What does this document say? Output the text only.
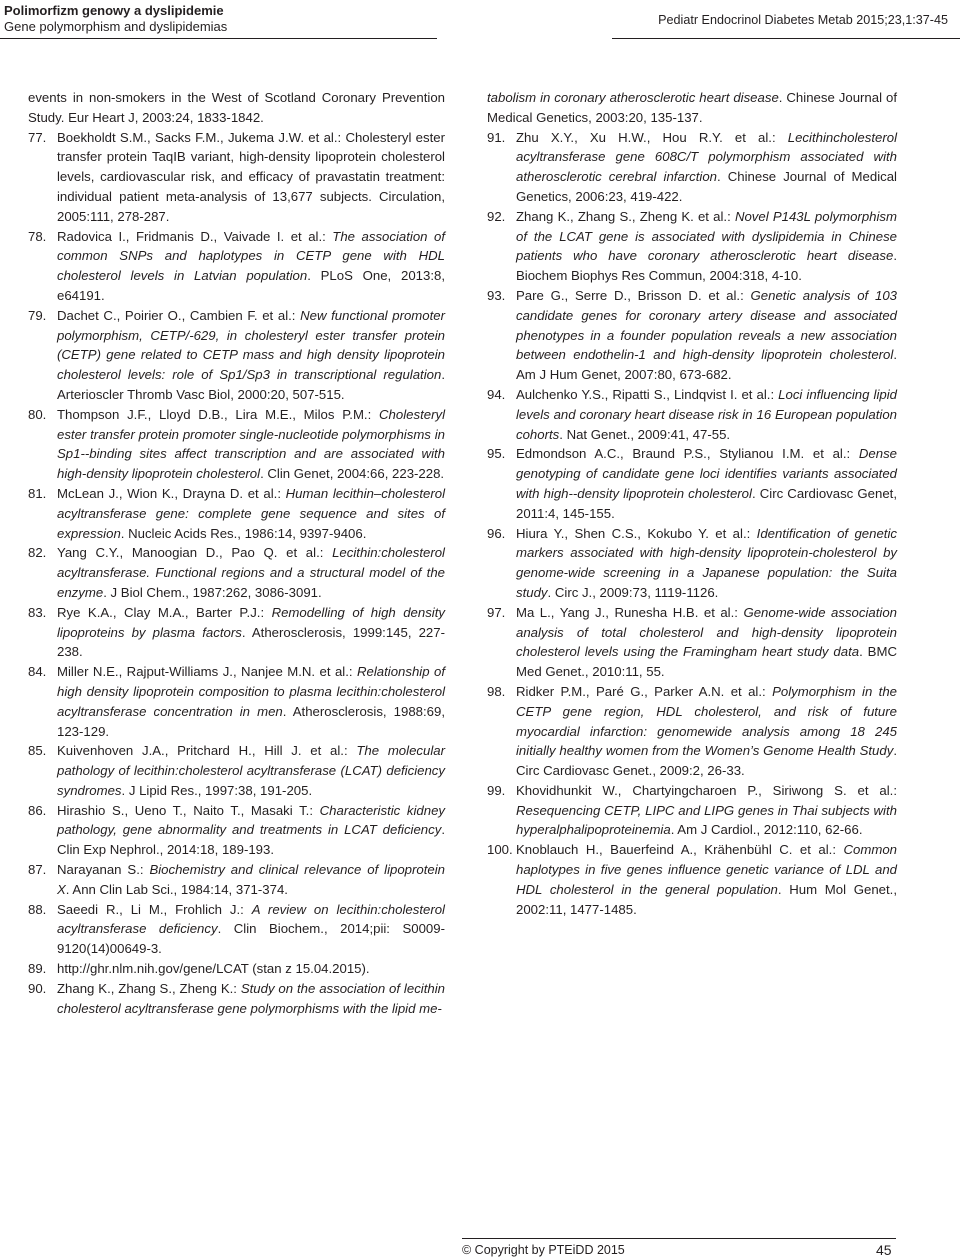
Polimorfizm genowy a dyslipidemie
Gene polymorphism and dyslipidemias	Pediatr Endocrinol Diabetes Metab 2015;23,1:37-45

events in non-smokers in the West of Scotland Coronary Prevention Study. Eur Heart J, 2003:24, 1833-1842.

77. Boekholdt S.M., Sacks F.M., Jukema J.W. et al.: Cholesteryl ester transfer protein TaqIB variant, high-density lipoprotein cholesterol levels, cardiovascular risk, and efficacy of pravastatin treatment: individual patient meta-analysis of 13,677 subjects. Circulation, 2005:111, 278-287.

78. Radovica I., Fridmanis D., Vaivade I. et al.: The association of common SNPs and haplotypes in CETP gene with HDL cholesterol levels in Latvian population. PLoS One, 2013:8, e64191.

79. Dachet C., Poirier O., Cambien F. et al.: New functional promoter polymorphism, CETP/-629, in cholesteryl ester transfer protein (CETP) gene related to CETP mass and high density lipoprotein cholesterol levels: role of Sp1/Sp3 in transcriptional regulation. Arterioscler Thromb Vasc Biol, 2000:20, 507-515.

80. Thompson J.F., Lloyd D.B., Lira M.E., Milos P.M.: Cholesteryl ester transfer protein promoter single-nucleotide polymorphisms in Sp1--binding sites affect transcription and are associated with high-density lipoprotein cholesterol. Clin Genet, 2004:66, 223-228.

81. McLean J., Wion K., Drayna D. et al.: Human lecithin–cholesterol acyltransferase gene: complete gene sequence and sites of expression. Nucleic Acids Res., 1986:14, 9397-9406.

82. Yang C.Y., Manoogian D., Pao Q. et al.: Lecithin:cholesterol acyltransferase. Functional regions and a structural model of the enzyme. J Biol Chem., 1987:262, 3086-3091.

83. Rye K.A., Clay M.A., Barter P.J.: Remodelling of high density lipoproteins by plasma factors. Atherosclerosis, 1999:145, 227-238.

84. Miller N.E., Rajput-Williams J., Nanjee M.N. et al.: Relationship of high density lipoprotein composition to plasma lecithin:cholesterol acyltransferase concentration in men. Atherosclerosis, 1988:69, 123-129.

85. Kuivenhoven J.A., Pritchard H., Hill J. et al.: The molecular pathology of lecithin:cholesterol acyltransferase (LCAT) deficiency syndromes. J Lipid Res., 1997:38, 191-205.

86. Hirashio S., Ueno T., Naito T., Masaki T.: Characteristic kidney pathology, gene abnormality and treatments in LCAT deficiency. Clin Exp Nephrol., 2014:18, 189-193.

87. Narayanan S.: Biochemistry and clinical relevance of lipoprotein X. Ann Clin Lab Sci., 1984:14, 371-374.

88. Saeedi R., Li M., Frohlich J.: A review on lecithin:cholesterol acyltransferase deficiency. Clin Biochem., 2014;pii: S0009-9120(14)00649-3.

89. http://ghr.nlm.nih.gov/gene/LCAT (stan z 15.04.2015).

90. Zhang K., Zhang S., Zheng K.: Study on the association of lecithin cholesterol acyltransferase gene polymorphisms with the lipid me-

tabolism in coronary atherosclerotic heart disease. Chinese Journal of Medical Genetics, 2003:20, 135-137.

91. Zhu X.Y., Xu H.W., Hou R.Y. et al.: Lecithincholesterol acyltransferase gene 608C/T polymorphism associated with atherosclerotic cerebral infarction. Chinese Journal of Medical Genetics, 2006:23, 419-422.

92. Zhang K., Zhang S., Zheng K. et al.: Novel P143L polymorphism of the LCAT gene is associated with dyslipidemia in Chinese patients who have coronary atherosclerotic heart disease. Biochem Biophys Res Commun, 2004:318, 4-10.

93. Pare G., Serre D., Brisson D. et al.: Genetic analysis of 103 candidate genes for coronary artery disease and associated phenotypes in a founder population reveals a new association between endothelin-1 and high-density lipoprotein cholesterol. Am J Hum Genet, 2007:80, 673-682.

94. Aulchenko Y.S., Ripatti S., Lindqvist I. et al.: Loci influencing lipid levels and coronary heart disease risk in 16 European population cohorts. Nat Genet., 2009:41, 47-55.

95. Edmondson A.C., Braund P.S., Stylianou I.M. et al.: Dense genotyping of candidate gene loci identifies variants associated with high--density lipoprotein cholesterol. Circ Cardiovasc Genet, 2011:4, 145-155.

96. Hiura Y., Shen C.S., Kokubo Y. et al.: Identification of genetic markers associated with high-density lipoprotein-cholesterol by genome-wide screening in a Japanese population: the Suita study. Circ J., 2009:73, 1119-1126.

97. Ma L., Yang J., Runesha H.B. et al.: Genome-wide association analysis of total cholesterol and high-density lipoprotein cholesterol levels using the Framingham heart study data. BMC Med Genet., 2010:11, 55.

98. Ridker P.M., Paré G., Parker A.N. et al.: Polymorphism in the CETP gene region, HDL cholesterol, and risk of future myocardial infarction: genomewide analysis among 18 245 initially healthy women from the Women’s Genome Health Study. Circ Cardiovasc Genet., 2009:2, 26-33.

99. Khovidhunkit W., Chartyingcharoen P., Siriwong S. et al.: Resequencing CETP, LIPC and LIPG genes in Thai subjects with hyperalphalipoproteinemia. Am J Cardiol., 2012:110, 62-66.

100. Knoblauch H., Bauerfeind A., Krähenbühl C. et al.: Common haplotypes in five genes influence genetic variance of LDL and HDL cholesterol in the general population. Hum Mol Genet., 2002:11, 1477-1485.

© Copyright by PTEiDD 2015	45
